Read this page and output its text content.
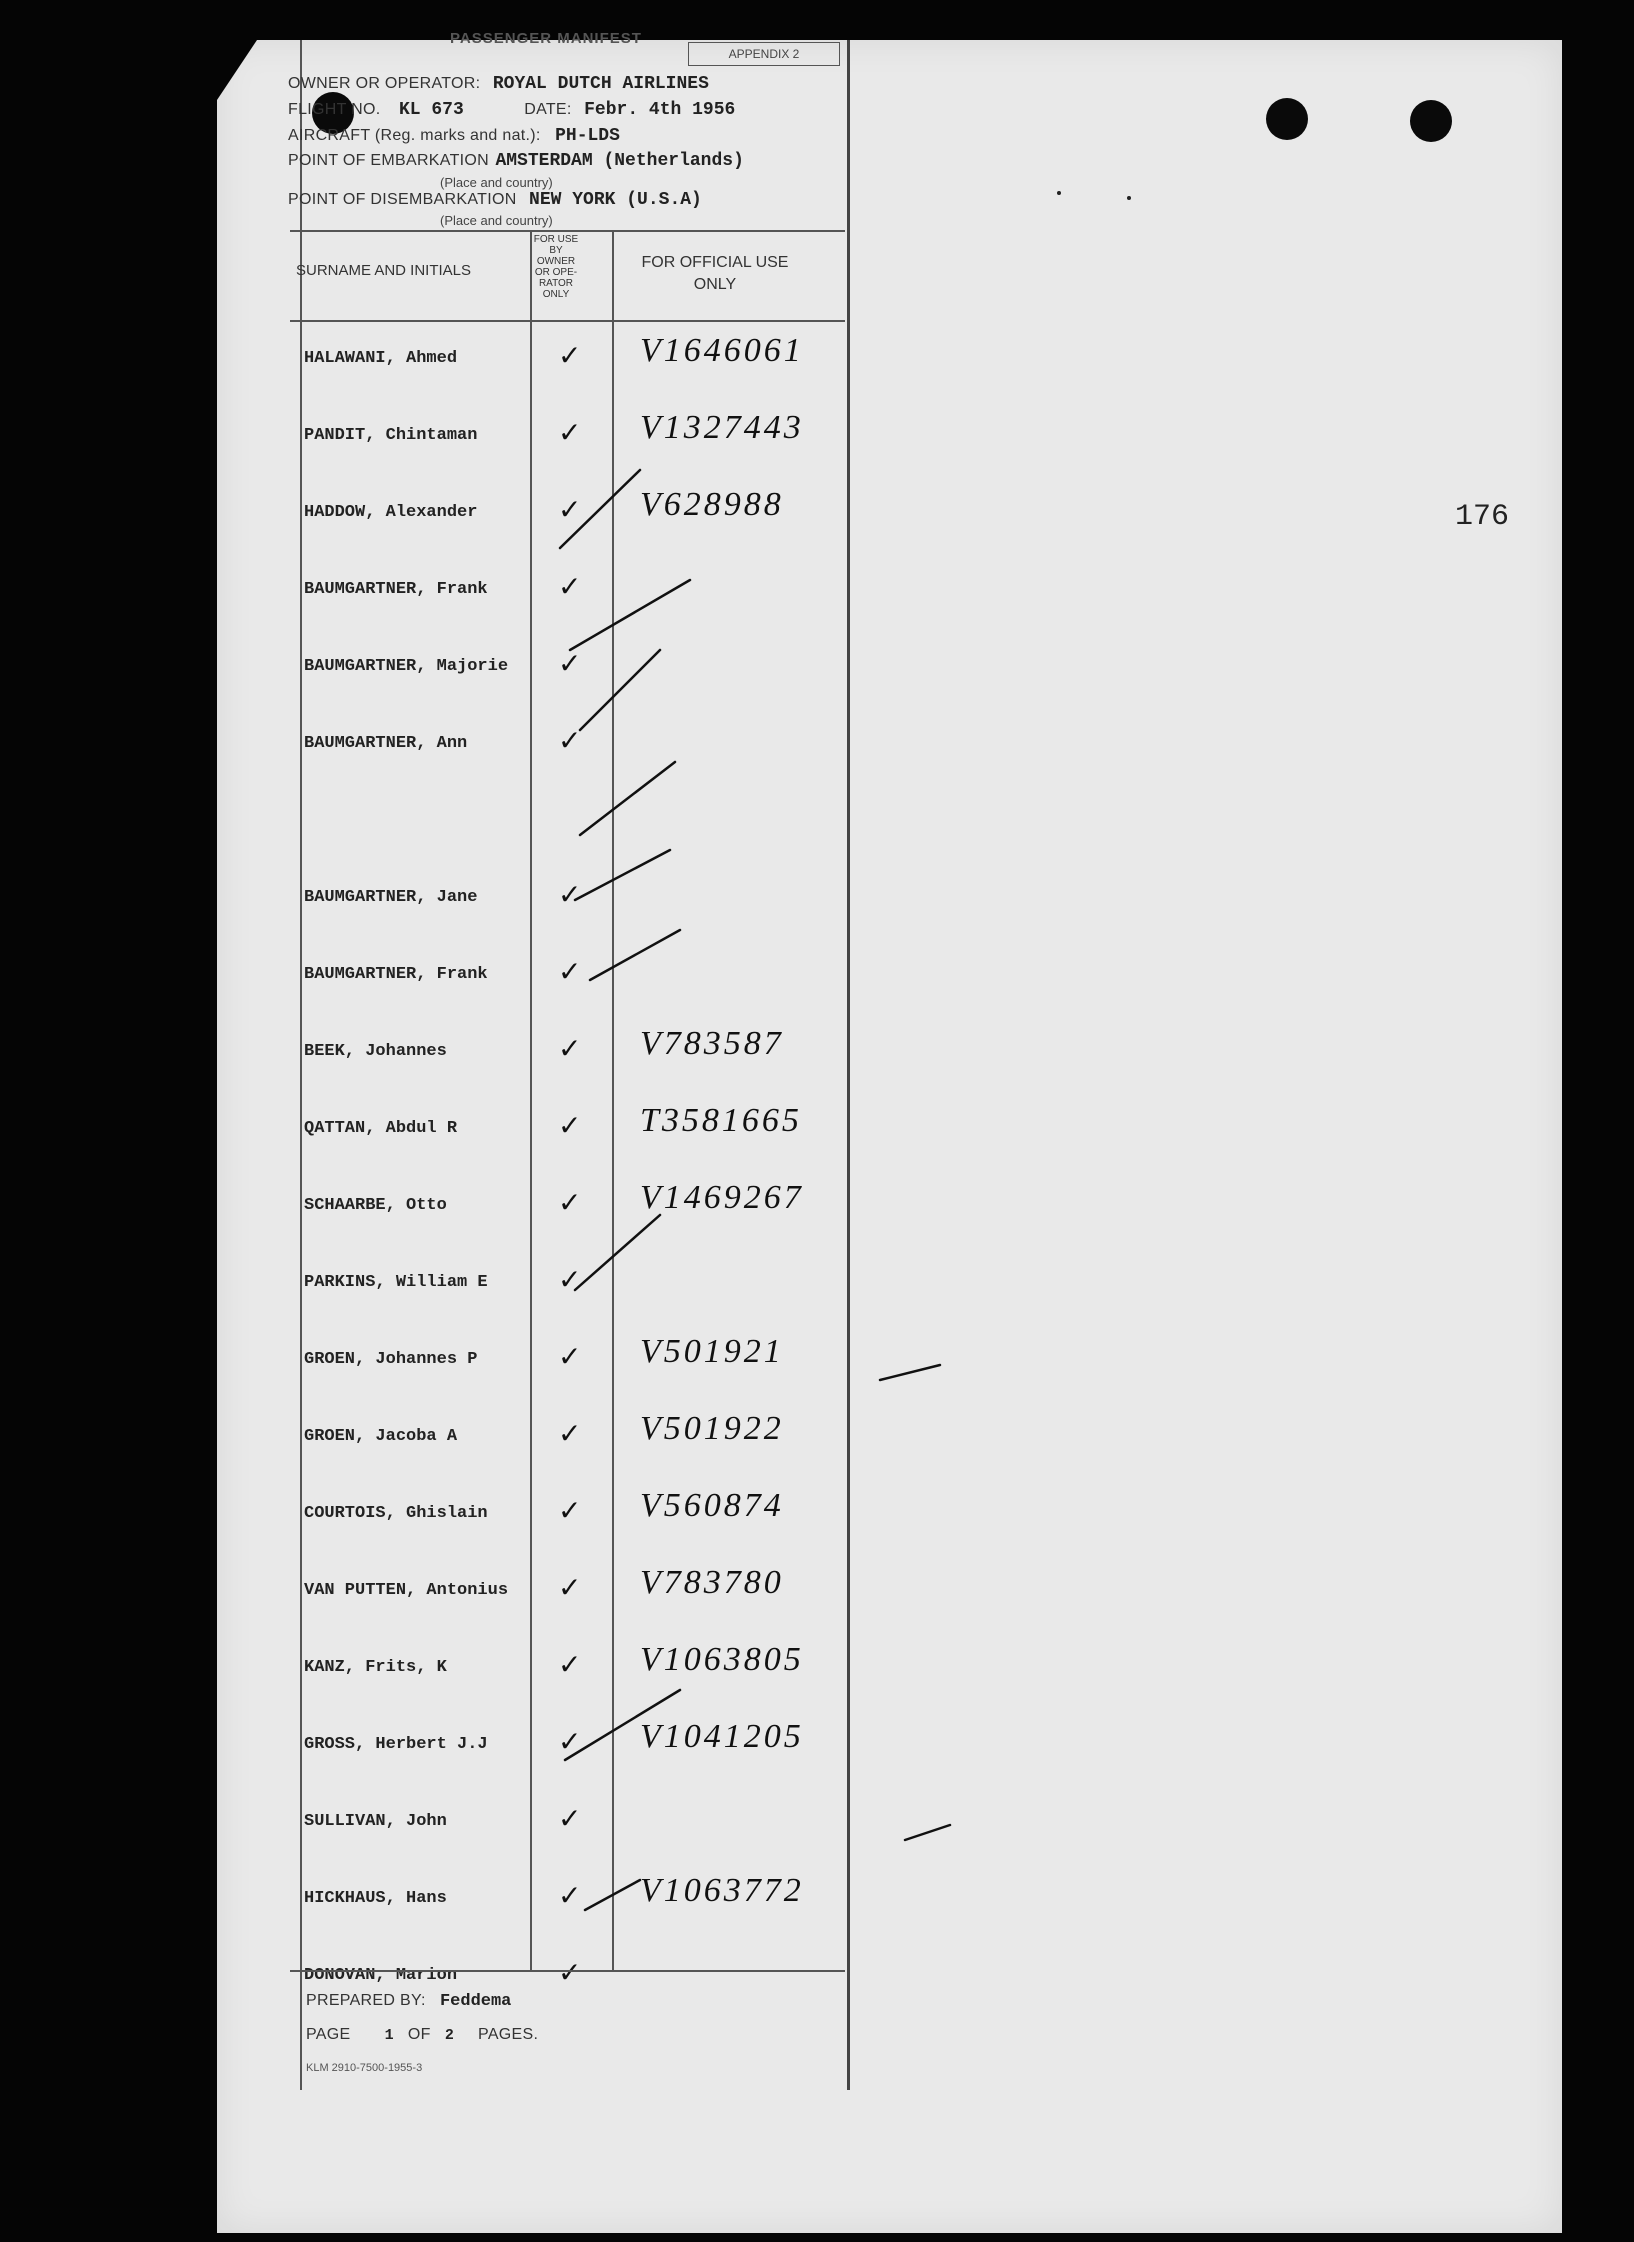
PASSENGER MANIFEST
APPENDIX 2
OWNER OR OPERATOR: ROYAL DUTCH AIRLINES
FLIGHT NO. KL 673	DATE: Febr. 4th 1956
AIRCRAFT (Reg. marks and nat.): PH-LDS
POINT OF EMBARKATION AMSTERDAM (Netherlands)
(Place and country)
POINT OF DISEMBARKATION NEW YORK (U.S.A)
(Place and country)
SURNAME AND INITIALS
FOR USE BY OWNER OR OPE- RATOR ONLY
FOR OFFICIAL USE
ONLY
HALAWANI, Ahmed	✓ V1646061
PANDIT, Chintaman	✓ V1327443
HADDOW, Alexander	✓ V628988
BAUMGARTNER, Frank	✓
BAUMGARTNER, Majorie ✓
BAUMGARTNER, Ann	✓
BAUMGARTNER, Jane	✓
BAUMGARTNER, Frank	✓
BEEK, Johannes	✓ V783587
QATTAN, Abdul R	✓ T3581665
SCHAARBE, Otto	✓ V1469267
PARKINS, William E	✓
GROEN, Johannes P	✓ V501921
GROEN, Jacoba A	✓ V501922
COURTOIS, Ghislain	✓ V560874
VAN PUTTEN, Antonius ✓ V783780
KANZ, Frits, K	✓ V1063805
GROSS, Herbert J.J	✓ V1041205
SULLIVAN, John	✓
HICKHAUS, Hans	✓ V1063772
DONOVAN, Marion	✓
PREPARED BY: Feddema
PAGE 1 OF 2 PAGES.
KLM 2910-7500-1955-3
176
